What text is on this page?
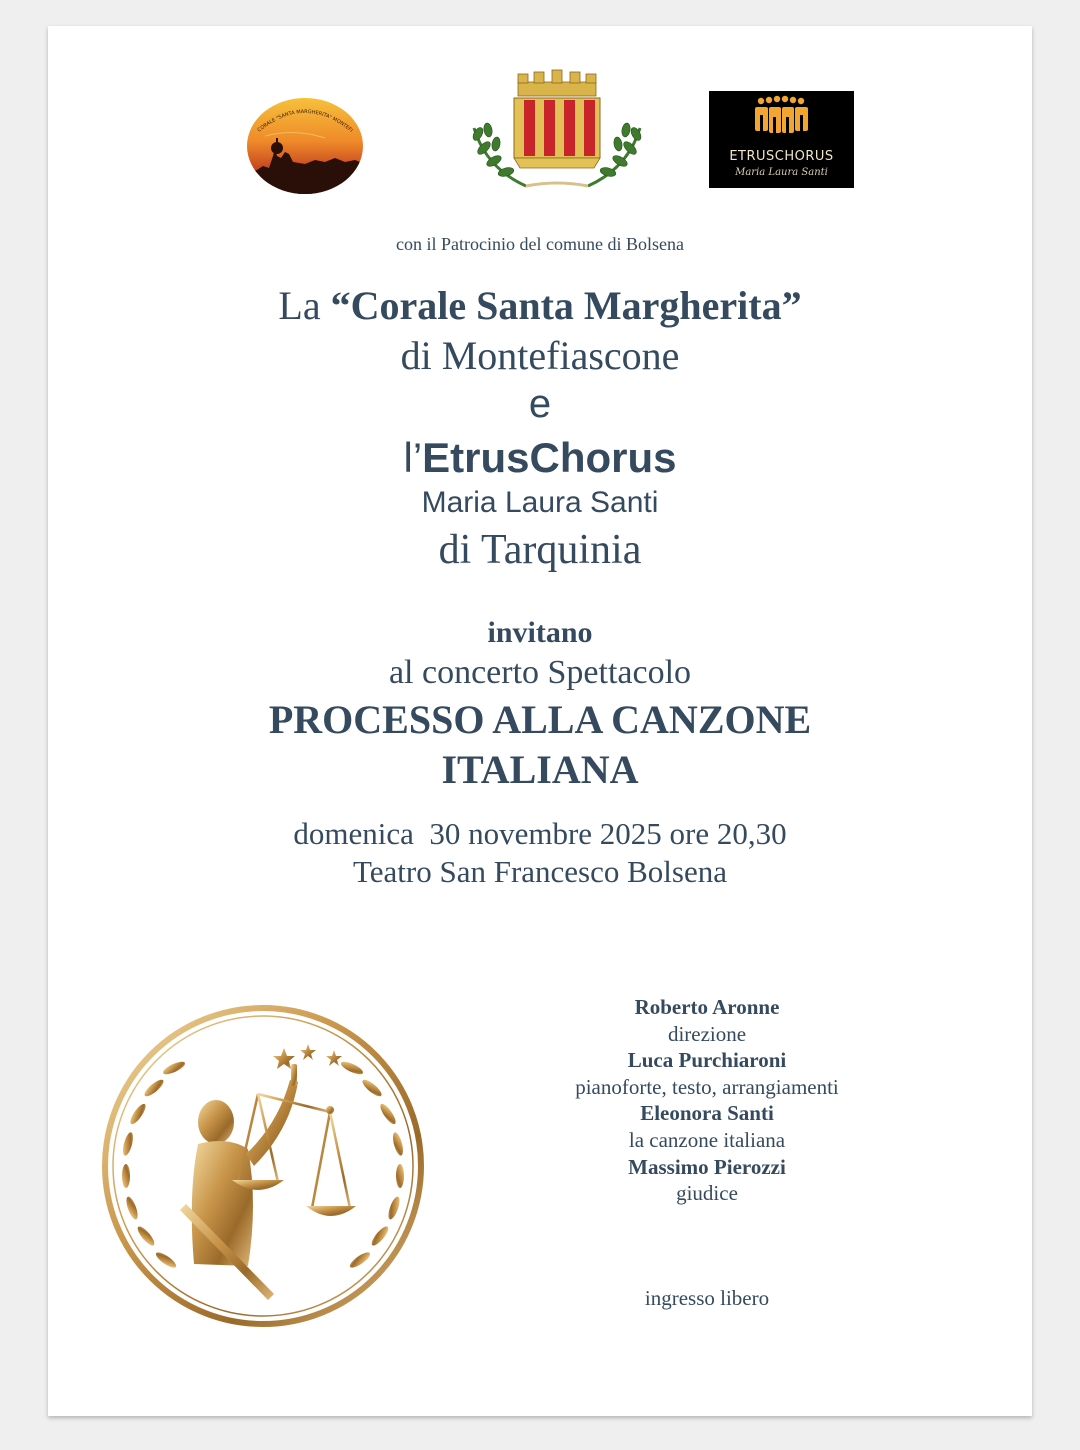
CORALE "SANTA MARGHERITA" MONTEFI
ETRUSCHORUS
Maria Laura Santi
con il Patrocinio del comune di Bolsena
La “Corale Santa Margherita”
di Montefiascone
e
l’EtrusChorus
Maria Laura Santi
di Tarquinia
invitano
al concerto Spettacolo
PROCESSO ALLA CANZONE
ITALIANA
domenica  30 novembre 2025 ore 20,30
Teatro San Francesco Bolsena
Roberto Aronne
direzione
Luca Purchiaroni
pianoforte, testo, arrangiamenti
Eleonora Santi
la canzone italiana
Massimo Pierozzi
giudice
ingresso libero
